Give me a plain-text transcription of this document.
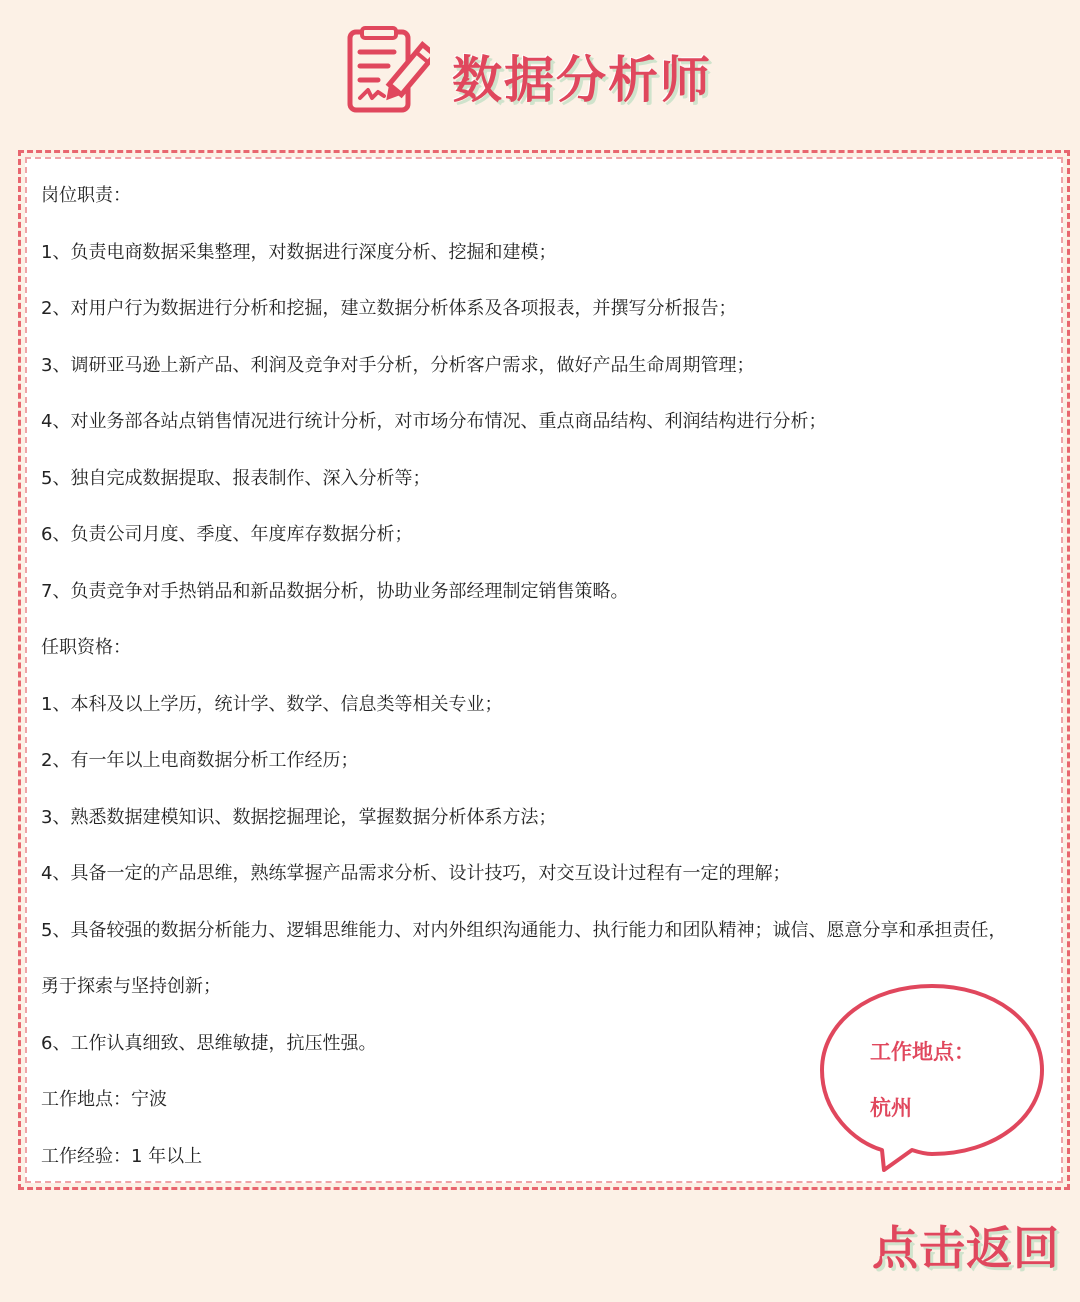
数据分析师
岗位职责：
1、负责电商数据采集整理，对数据进行深度分析、挖掘和建模；
2、对用户行为数据进行分析和挖掘，建立数据分析体系及各项报表，并撰写分析报告；
3、调研亚马逊上新产品、利润及竞争对手分析，分析客户需求，做好产品生命周期管理；
4、对业务部各站点销售情况进行统计分析，对市场分布情况、重点商品结构、利润结构进行分析；
5、独自完成数据提取、报表制作、深入分析等；
6、负责公司月度、季度、年度库存数据分析；
7、负责竞争对手热销品和新品数据分析，协助业务部经理制定销售策略。
任职资格：
1、本科及以上学历，统计学、数学、信息类等相关专业；
2、有一年以上电商数据分析工作经历；
3、熟悉数据建模知识、数据挖掘理论，掌握数据分析体系方法；
4、具备一定的产品思维，熟练掌握产品需求分析、设计技巧，对交互设计过程有一定的理解；
5、具备较强的数据分析能力、逻辑思维能力、对内外组织沟通能力、执行能力和团队精神；诚信、愿意分享和承担责任，
勇于探索与坚持创新；
6、工作认真细致、思维敏捷，抗压性强。
工作地点：宁波
工作经验：1 年以上
工作地点：
杭州
点击返回
